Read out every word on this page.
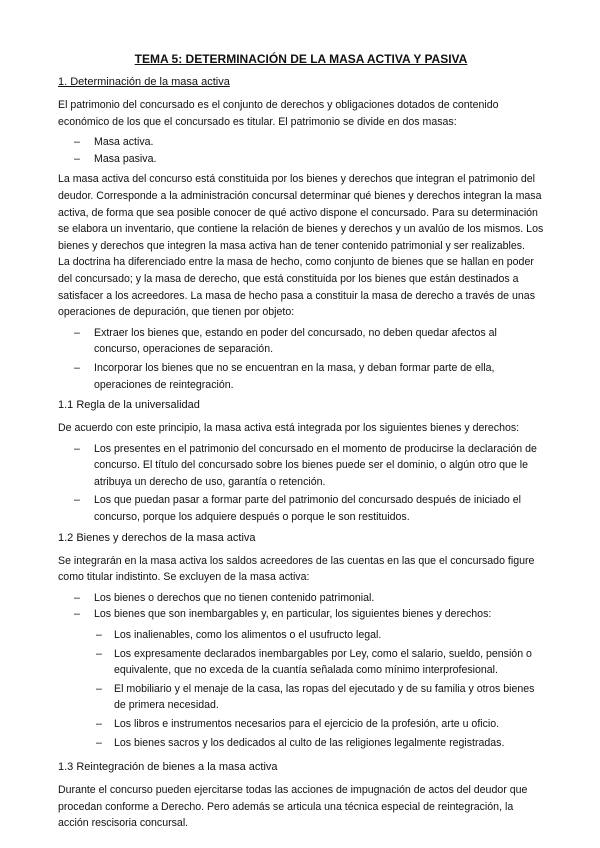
TEMA 5: DETERMINACIÓN DE LA MASA ACTIVA Y PASIVA
1. Determinación de la masa activa

El patrimonio del concursado es el conjunto de derechos y obligaciones dotados de contenido económico de los que el concursado es titular. El patrimonio se divide en dos masas:

– Masa activa.
– Masa pasiva.

La masa activa del concurso está constituida por los bienes y derechos que integran el patrimonio del deudor. Corresponde a la administración concursal determinar qué bienes y derechos integran la masa activa, de forma que sea posible conocer de qué activo dispone el concursado. Para su determinación se elabora un inventario, que contiene la relación de bienes y derechos y un avalúo de los mismos. Los bienes y derechos que integren la masa activa han de tener contenido patrimonial y ser realizables.

La doctrina ha diferenciado entre la masa de hecho, como conjunto de bienes que se hallan en poder del concursado; y la masa de derecho, que está constituida por los bienes que están destinados a satisfacer a los acreedores. La masa de hecho pasa a constituir la masa de derecho a través de unas operaciones de depuración, que tienen por objeto:

– Extraer los bienes que, estando en poder del concursado, no deben quedar afectos al concurso, operaciones de separación.
– Incorporar los bienes que no se encuentran en la masa, y deban formar parte de ella, operaciones de reintegración.
1.1 Regla de la universalidad

De acuerdo con este principio, la masa activa está integrada por los siguientes bienes y derechos:

– Los presentes en el patrimonio del concursado en el momento de producirse la declaración de concurso. El título del concursado sobre los bienes puede ser el dominio, o algún otro que le atribuya un derecho de uso, garantía o retención.
– Los que puedan pasar a formar parte del patrimonio del concursado después de iniciado el concurso, porque los adquiere después o porque le son restituidos.
1.2 Bienes y derechos de la masa activa

Se integrarán en la masa activa los saldos acreedores de las cuentas en las que el concursado figure como titular indistinto. Se excluyen de la masa activa:

– Los bienes o derechos que no tienen contenido patrimonial.
– Los bienes que son inembargables y, en particular, los siguientes bienes y derechos:
– Los inalienables, como los alimentos o el usufructo legal.
– Los expresamente declarados inembargables por Ley, como el salario, sueldo, pensión o equivalente, que no exceda de la cuantía señalada como mínimo interprofesional.
– El mobiliario y el menaje de la casa, las ropas del ejecutado y de su familia y otros bienes de primera necesidad.
– Los libros e instrumentos necesarios para el ejercicio de la profesión, arte u oficio.
– Los bienes sacros y los dedicados al culto de las religiones legalmente registradas.
1.3 Reintegración de bienes a la masa activa

Durante el concurso pueden ejercitarse todas las acciones de impugnación de actos del deudor que procedan conforme a Derecho. Pero además se articula una técnica especial de reintegración, la acción rescisoria concursal.
